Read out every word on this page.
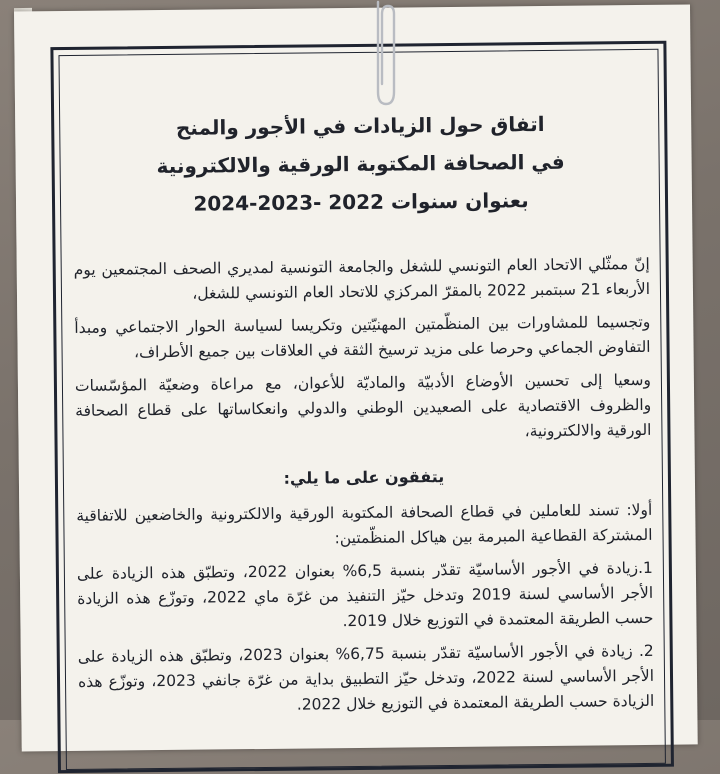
اتفاق حول الزيادات في الأجور والمنح
في الصحافة المكتوبة الورقية والالكترونية
بعنوان سنوات 2022 -2023-2024

إنّ ممثّلي الاتحاد العام التونسي للشغل والجامعة التونسية لمديري الصحف المجتمعين يوم الأربعاء 21 سبتمبر 2022 بالمقرّ المركزي للاتحاد العام التونسي للشغل،

وتجسيما للمشاورات بين المنظّمتين المهنيّتين وتكريسا لسياسة الحوار الاجتماعي ومبدأ التفاوض الجماعي وحرصا على مزيد ترسيخ الثقة في العلاقات بين جميع الأطراف،

وسعيا إلى تحسين الأوضاع الأدبيّة والماديّة للأعوان، مع مراعاة وضعيّة المؤسّسات والظروف الاقتصادية على الصعيدين الوطني والدولي وانعكاساتها على قطاع الصحافة الورقية والالكترونية،

يتفقون على ما يلي:

أولا: تسند للعاملين في قطاع الصحافة المكتوبة الورقية والالكترونية والخاضعين للاتفاقية المشتركة القطاعية المبرمة بين هياكل المنظّمتين:

1.زيادة في الأجور الأساسيّة تقدّر بنسبة 6,5% بعنوان 2022، وتطبّق هذه الزيادة على الأجر الأساسي لسنة 2019 وتدخل حيّز التنفيذ من غرّة ماي 2022، وتوزّع هذه الزيادة حسب الطريقة المعتمدة في التوزيع خلال 2019.

2. زيادة في الأجور الأساسيّة تقدّر بنسبة 6,75% بعنوان 2023، وتطبّق هذه الزيادة على الأجر الأساسي لسنة 2022، وتدخل حيّز التطبيق بداية من غرّة جانفي 2023، وتوزّع هذه الزيادة حسب الطريقة المعتمدة في التوزيع خلال 2022.
